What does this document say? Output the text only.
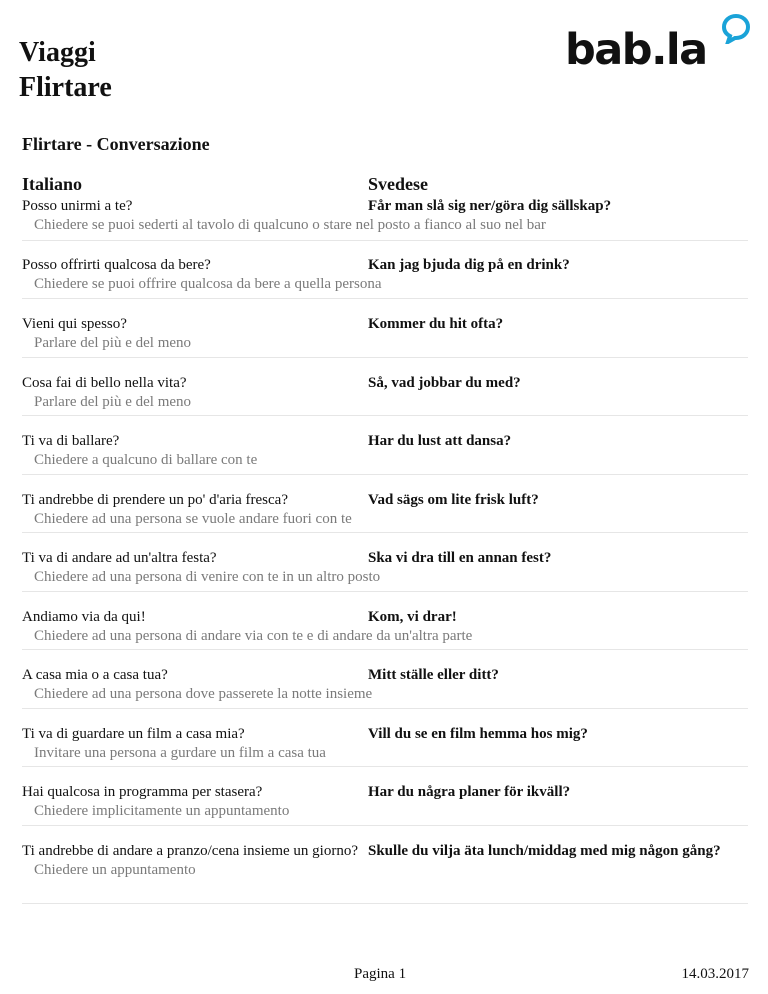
Viaggi
Flirtare
bab.la
Flirtare - Conversazione
Italiano	Svedese
Posso unirmi a te?	Får man slå sig ner/göra dig sällskap?
Chiedere se puoi sederti al tavolo di qualcuno o stare nel posto a fianco al suo nel bar
Posso offrirti qualcosa da bere?	Kan jag bjuda dig på en drink?
Chiedere se puoi offrire qualcosa da bere a quella persona
Vieni qui spesso?	Kommer du hit ofta?
Parlare del più e del meno
Cosa fai di bello nella vita?	Så, vad jobbar du med?
Parlare del più e del meno
Ti va di ballare?	Har du lust att dansa?
Chiedere a qualcuno di ballare con te
Ti andrebbe di prendere un po' d'aria fresca?	Vad sägs om lite frisk luft?
Chiedere ad una persona se vuole andare fuori con te
Ti va di andare ad un'altra festa?	Ska vi dra till en annan fest?
Chiedere ad una persona di venire con te in un altro posto
Andiamo via da qui!	Kom, vi drar!
Chiedere ad una persona di andare via con te e di andare da un'altra parte
A casa mia o a casa tua?	Mitt ställe eller ditt?
Chiedere ad una persona dove passerete la notte insieme
Ti va di guardare un film a casa mia?	Vill du se en film hemma hos mig?
Invitare una persona a gurdare un film a casa tua
Hai qualcosa in programma per stasera?	Har du några planer för ikväll?
Chiedere implicitamente un appuntamento
Ti andrebbe di andare a pranzo/cena insieme un giorno? Skulle du vilja äta lunch/middag med mig någon gång?
Chiedere un appuntamento
Pagina 1	14.03.2017
